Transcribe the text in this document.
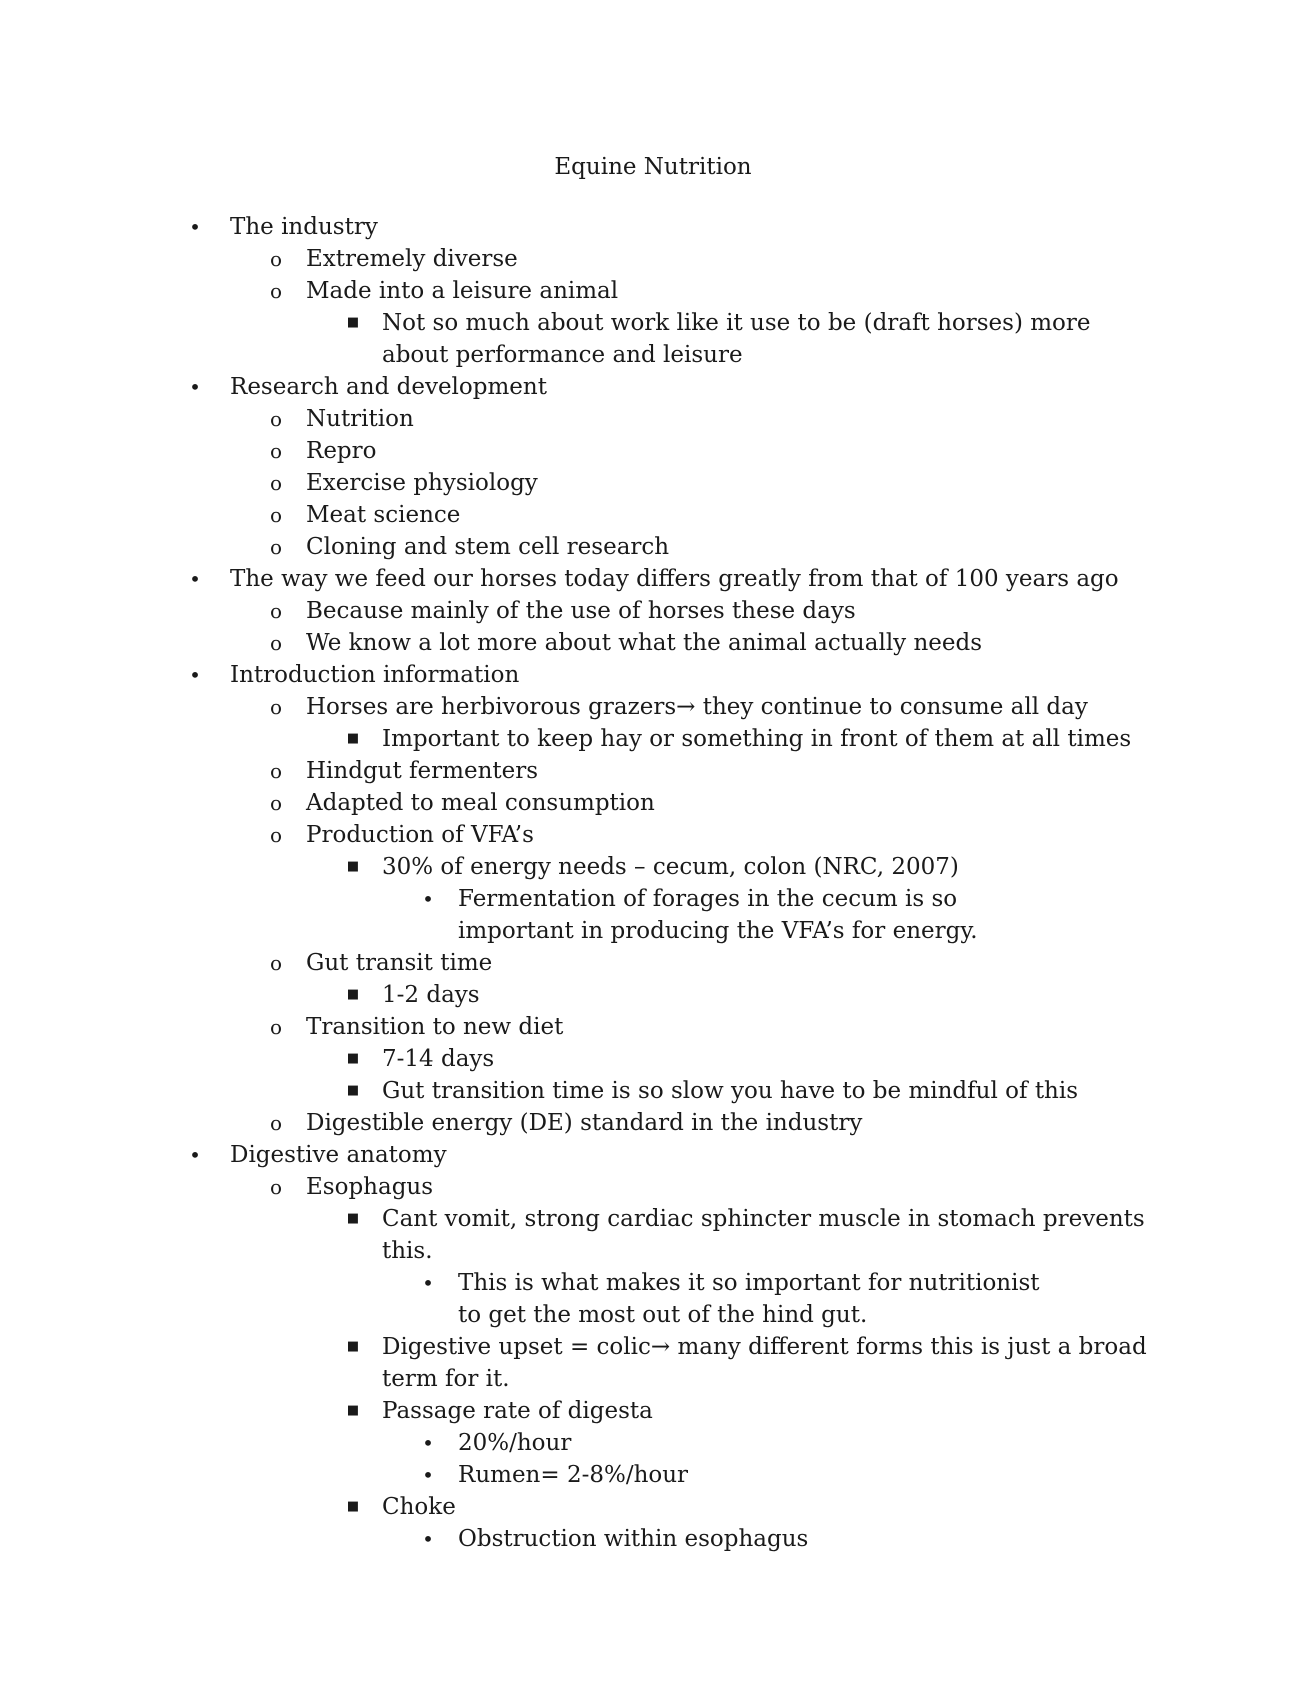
Equine Nutrition
• The industry
o Extremely diverse
o Made into a leisure animal
■ Not so much about work like it use to be (draft horses) more about performance and leisure
• Research and development
o Nutrition
o Repro
o Exercise physiology
o Meat science
o Cloning and stem cell research
• The way we feed our horses today differs greatly from that of 100 years ago
o Because mainly of the use of horses these days
o We know a lot more about what the animal actually needs
• Introduction information
o Horses are herbivorous grazers→ they continue to consume all day
■ Important to keep hay or something in front of them at all times
o Hindgut fermenters
o Adapted to meal consumption
o Production of VFA’s
■ 30% of energy needs – cecum, colon (NRC, 2007)
• Fermentation of forages in the cecum is so important in producing the VFA’s for energy.
o Gut transit time
■ 1-2 days
o Transition to new diet
■ 7-14 days
■ Gut transition time is so slow you have to be mindful of this
o Digestible energy (DE) standard in the industry
• Digestive anatomy
o Esophagus
■ Cant vomit, strong cardiac sphincter muscle in stomach prevents this.
• This is what makes it so important for nutritionist to get the most out of the hind gut.
■ Digestive upset = colic→ many different forms this is just a broad term for it.
■ Passage rate of digesta
• 20%/hour
• Rumen= 2-8%/hour
■ Choke
• Obstruction within esophagus
